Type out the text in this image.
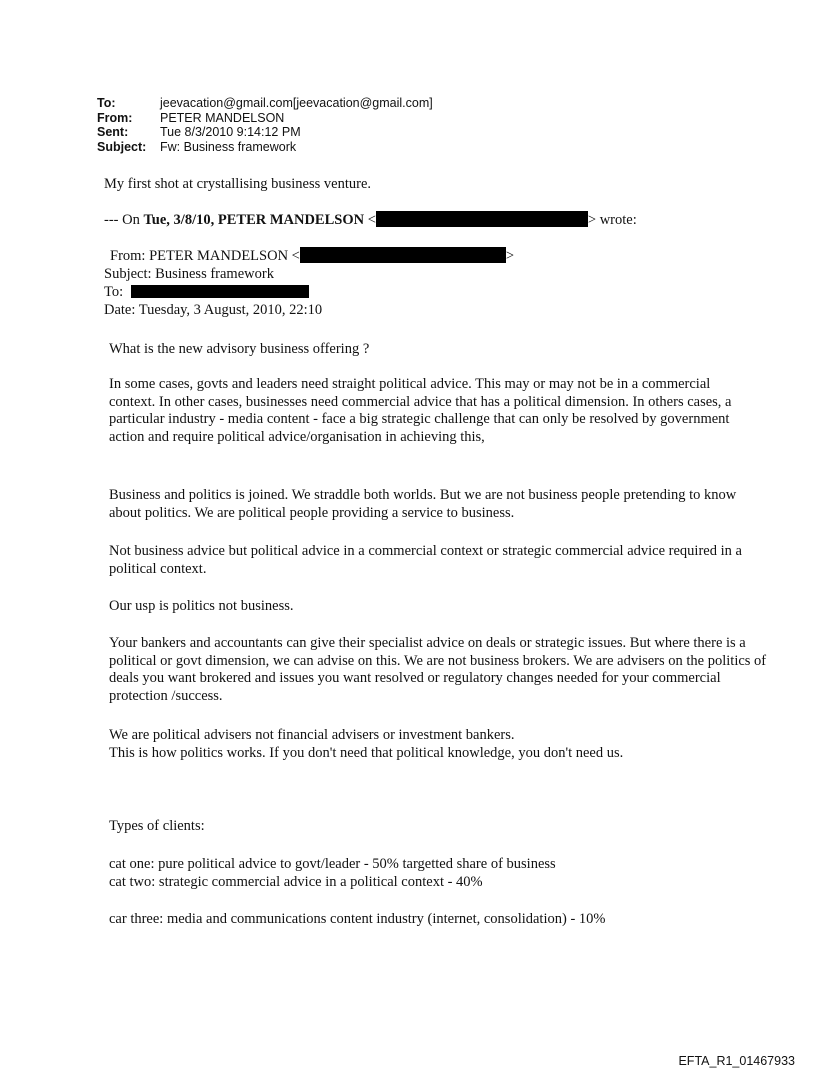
To:	jeevacation@gmail.com[jeevacation@gmail.com]
From:	PETER MANDELSON
Sent:	Tue 8/3/2010 9:14:12 PM
Subject:	Fw: Business framework
My first shot at crystallising business venture.
--- On Tue, 3/8/10, PETER MANDELSON <	> wrote:
From: PETER MANDELSON <	>
Subject: Business framework
To:
Date: Tuesday, 3 August, 2010, 22:10

What is the new advisory business offering ?

In some cases, govts and leaders need straight political advice. This may or may not be in a commercial context. In other cases, businesses need commercial advice that has a political dimension. In others cases, a particular industry - media content - face a big strategic challenge that can only be resolved by government action and require political advice/organisation in achieving this,

Business and politics is joined. We straddle both worlds. But we are not business people pretending to know about politics. We are political people providing a service to business.

Not business advice but political advice in a commercial context or strategic commercial advice required in a political context.

Our usp is politics not business.

Your bankers and accountants can give their specialist advice on deals or strategic issues. But where there is a political or govt dimension, we can advise on this. We are not business brokers. We are advisers on the politics of deals you want brokered and issues you want resolved or regulatory changes needed for your commercial protection /success.

We are political advisers not financial advisers or investment bankers.

This is how politics works. If you don't need that political knowledge, you don't need us.

Types of clients:

cat one: pure political advice to govt/leader - 50% targetted share of business

cat two: strategic commercial advice in a political context - 40%

car three: media and communications content industry (internet, consolidation) - 10%

EFTA_R1_01467933
